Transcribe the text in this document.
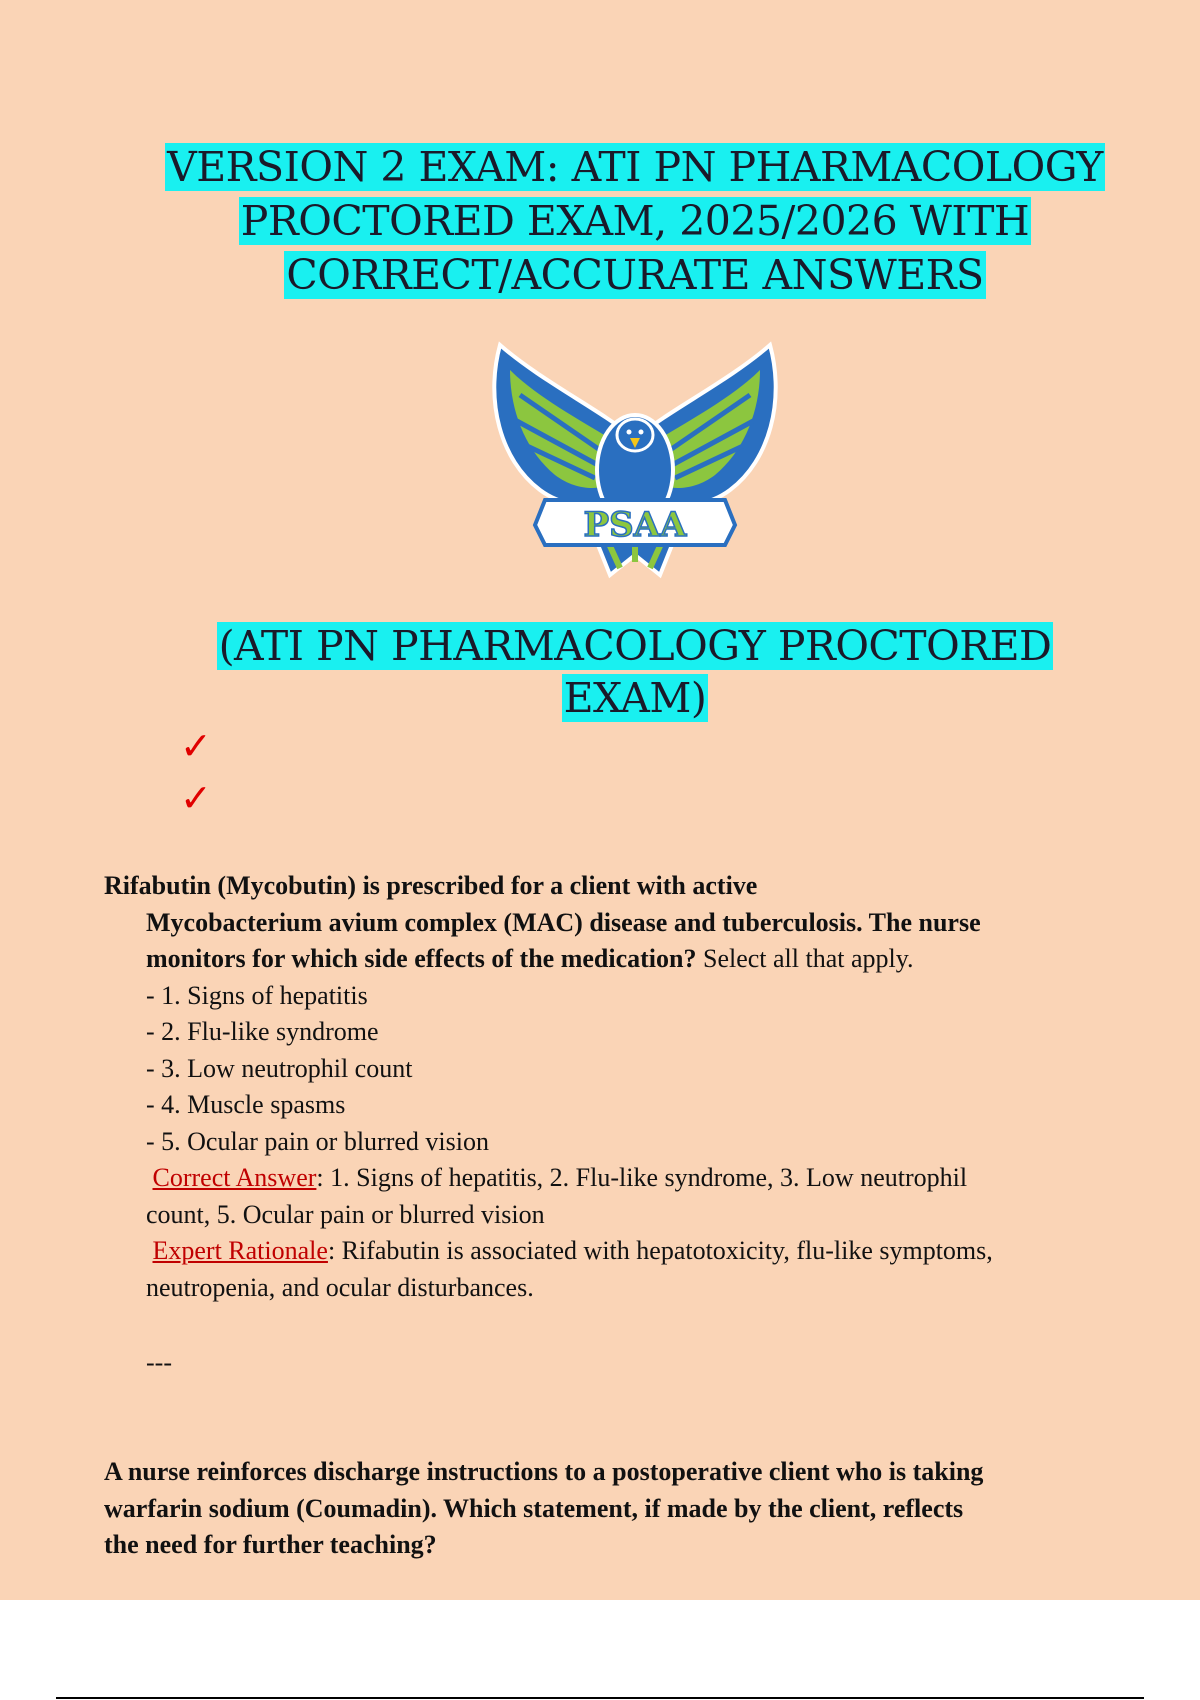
VERSION 2 EXAM: ATI PN PHARMACOLOGY
PROCTORED EXAM, 2025/2026 WITH
CORRECT/ACCURATE ANSWERS
PSAA
(ATI PN PHARMACOLOGY PROCTORED
EXAM)
✓
✓
Rifabutin (Mycobutin) is prescribed for a client with active
Mycobacterium avium complex (MAC) disease and tuberculosis. The nurse
monitors for which side effects of the medication? Select all that apply.
- 1. Signs of hepatitis
- 2. Flu-like syndrome
- 3. Low neutrophil count
- 4. Muscle spasms
- 5. Ocular pain or blurred vision
Correct Answer: 1. Signs of hepatitis, 2. Flu-like syndrome, 3. Low neutrophil
count, 5. Ocular pain or blurred vision
Expert Rationale: Rifabutin is associated with hepatotoxicity, flu-like symptoms,
neutropenia, and ocular disturbances.
---
A nurse reinforces discharge instructions to a postoperative client who is taking
warfarin sodium (Coumadin). Which statement, if made by the client, reflects
the need for further teaching?
